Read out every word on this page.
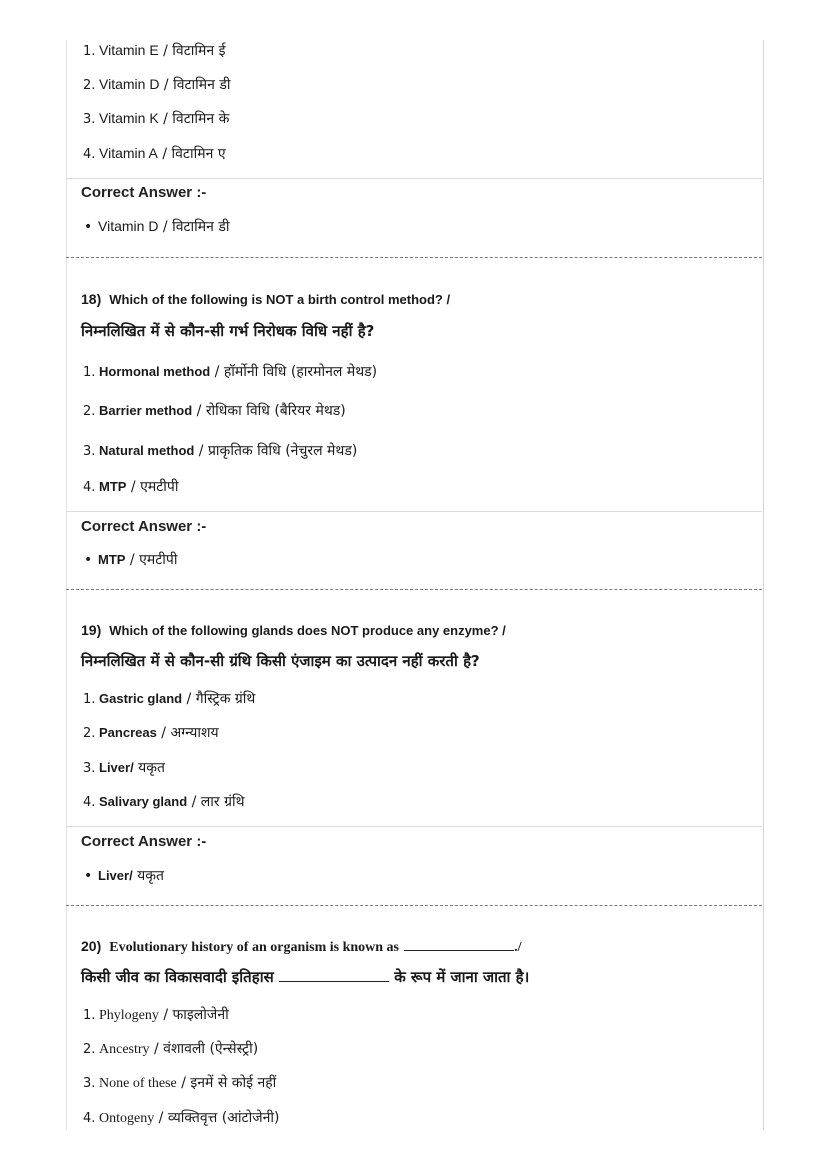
1. Vitamin E / विटामिन ई
2. Vitamin D / विटामिन डी
3. Vitamin K / विटामिन के
4. Vitamin A / विटामिन ए
Correct Answer :-
• Vitamin D / विटामिन डी
18) Which of the following is NOT a birth control method? /
निम्नलिखित में से कौन-सी गर्भ निरोधक विधि नहीं है?
1. Hormonal method / हॉर्मोनी विधि (हारमोनल मेथड)
2. Barrier method / रोधिका विधि (बैरियर मेथड)
3. Natural method / प्राकृतिक विधि (नेचुरल मेथड)
4. MTP / एमटीपी
Correct Answer :-
• MTP / एमटीपी
19) Which of the following glands does NOT produce any enzyme? /
निम्नलिखित में से कौन-सी ग्रंथि किसी एंजाइम का उत्पादन नहीं करती है?
1. Gastric gland / गैस्ट्रिक ग्रंथि
2. Pancreas / अग्न्याशय
3. Liver/ यकृत
4. Salivary gland / लार ग्रंथि
Correct Answer :-
• Liver/ यकृत
20) Evolutionary history of an organism is known as	./
किसी जीव का विकासवादी इतिहास	के रूप में जाना जाता है।
1. Phylogeny / फाइलोजेनी
2. Ancestry / वंशावली (ऐन्सेस्ट्री)
3. None of these / इनमें से कोई नहीं
4. Ontogeny / व्यक्तिवृत्त (आंटोजेनी)
